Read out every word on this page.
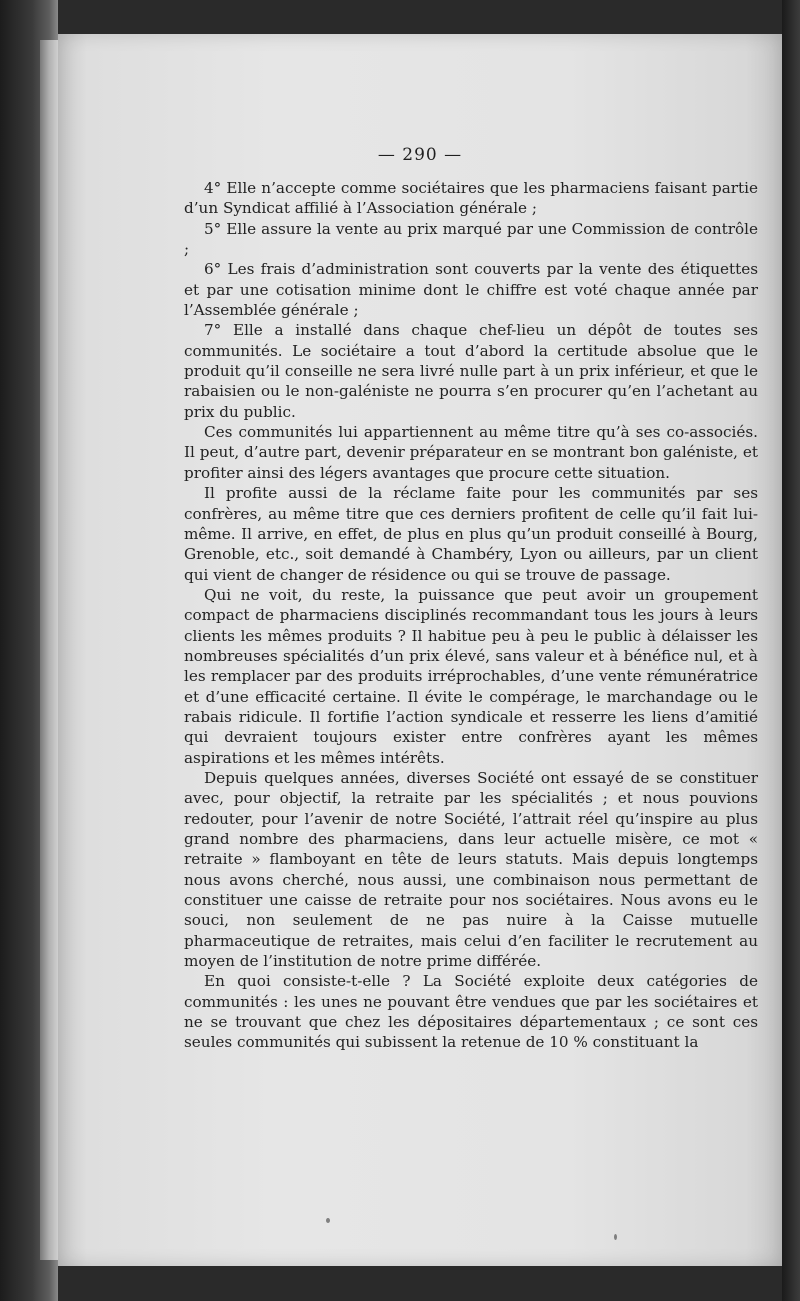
— 290 —

4° Elle n’accepte comme sociétaires que les pharmaciens faisant partie d’un Syndicat affilié à l’Association générale ;

5° Elle assure la vente au prix marqué par une Commission de contrôle ;

6° Les frais d’administration sont couverts par la vente des étiquettes et par une cotisation minime dont le chiffre est voté chaque année par l’Assemblée générale ;

7° Elle a installé dans chaque chef-lieu un dépôt de toutes ses communités. Le sociétaire a tout d’abord la certitude absolue que le produit qu’il conseille ne sera livré nulle part à un prix inférieur, et que le rabaisien ou le non-galéniste ne pourra s’en procurer qu’en l’achetant au prix du public.

Ces communités lui appartiennent au même titre qu’à ses co-associés. Il peut, d’autre part, devenir préparateur en se montrant bon galéniste, et profiter ainsi des légers avantages que procure cette situation.

Il profite aussi de la réclame faite pour les communités par ses confrères, au même titre que ces derniers profitent de celle qu’il fait lui-même. Il arrive, en effet, de plus en plus qu’un produit conseillé à Bourg, Grenoble, etc., soit demandé à Chambéry, Lyon ou ailleurs, par un client qui vient de changer de résidence ou qui se trouve de passage.

Qui ne voit, du reste, la puissance que peut avoir un groupement compact de pharmaciens disciplinés recommandant tous les jours à leurs clients les mêmes produits ? Il habitue peu à peu le public à délaisser les nombreuses spécialités d’un prix élevé, sans valeur et à bénéfice nul, et à les remplacer par des produits irréprochables, d’une vente rémunératrice et d’une efficacité certaine. Il évite le compérage, le marchandage ou le rabais ridicule. Il fortifie l’action syndicale et resserre les liens d’amitié qui devraient toujours exister entre confrères ayant les mêmes aspirations et les mêmes intérêts.

Depuis quelques années, diverses Société ont essayé de se constituer avec, pour objectif, la retraite par les spécialités ; et nous pouvions redouter, pour l’avenir de notre Société, l’attrait réel qu’inspire au plus grand nombre des pharmaciens, dans leur actuelle misère, ce mot « retraite » flamboyant en tête de leurs statuts. Mais depuis longtemps nous avons cherché, nous aussi, une combinaison nous permettant de constituer une caisse de retraite pour nos sociétaires. Nous avons eu le souci, non seulement de ne pas nuire à la Caisse mutuelle pharmaceutique de retraites, mais celui d’en faciliter le recrutement au moyen de l’institution de notre prime différée.

En quoi consiste-t-elle ? La Société exploite deux catégories de communités : les unes ne pouvant être vendues que par les sociétaires et ne se trouvant que chez les dépositaires départementaux ; ce sont ces seules communités qui subissent la retenue de 10 % constituant la
